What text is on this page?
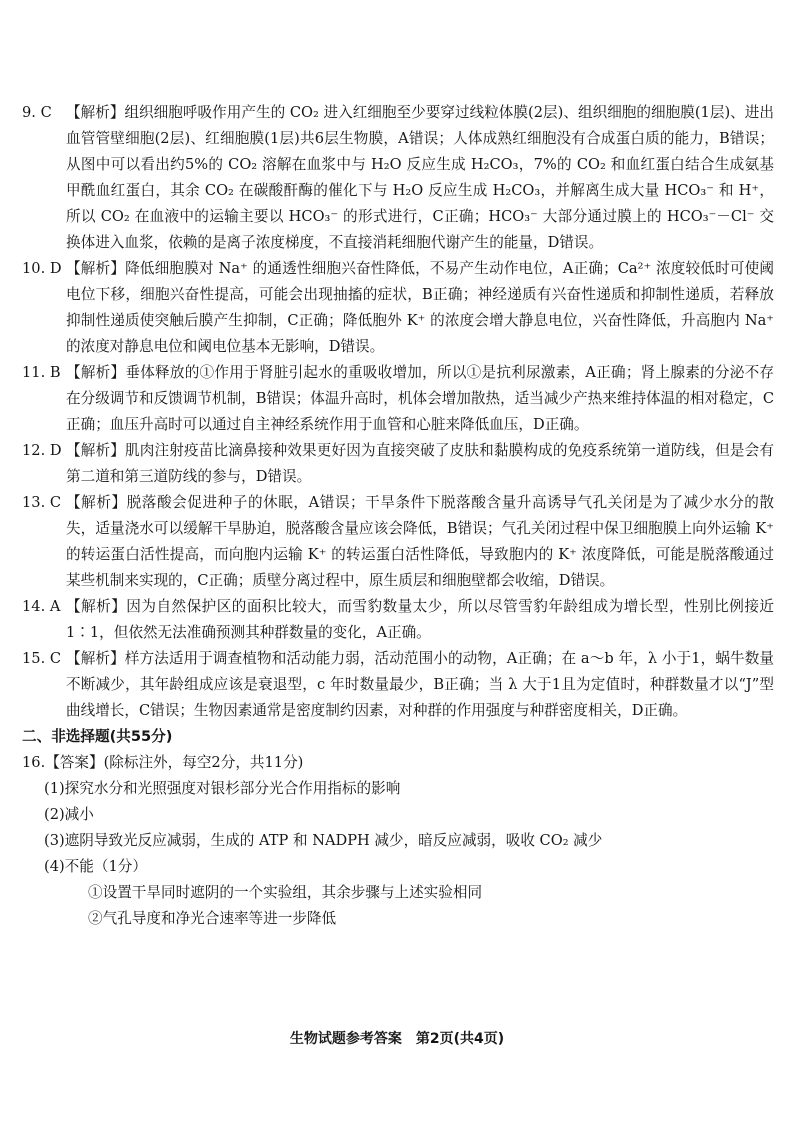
9. C 【解析】组织细胞呼吸作用产生的 CO₂ 进入红细胞至少要穿过线粒体膜(2层)、组织细胞的细胞膜(1层)、进出血管管壁细胞(2层)、红细胞膜(1层)共6层生物膜，A错误；人体成熟红细胞没有合成蛋白质的能力，B错误；从图中可以看出约5%的 CO₂ 溶解在血浆中与 H₂O 反应生成 H₂CO₃，7%的 CO₂ 和血红蛋白结合生成氨基甲酰血红蛋白，其余 CO₂ 在碳酸酐酶的催化下与 H₂O 反应生成 H₂CO₃，并解离生成大量 HCO₃⁻ 和 H⁺，所以 CO₂ 在血液中的运输主要以 HCO₃⁻ 的形式进行，C正确；HCO₃⁻ 大部分通过膜上的 HCO₃⁻－Cl⁻ 交换体进入血浆，依赖的是离子浓度梯度，不直接消耗细胞代谢产生的能量，D错误。
10. D 【解析】降低细胞膜对 Na⁺ 的通透性细胞兴奋性降低，不易产生动作电位，A正确；Ca²⁺ 浓度较低时可使阈电位下移，细胞兴奋性提高，可能会出现抽搐的症状，B正确；神经递质有兴奋性递质和抑制性递质，若释放抑制性递质使突触后膜产生抑制，C正确；降低胞外 K⁺ 的浓度会增大静息电位，兴奋性降低，升高胞内 Na⁺ 的浓度对静息电位和阈电位基本无影响，D错误。
11. B 【解析】垂体释放的①作用于肾脏引起水的重吸收增加，所以①是抗利尿激素，A正确；肾上腺素的分泌不存在分级调节和反馈调节机制，B错误；体温升高时，机体会增加散热，适当减少产热来维持体温的相对稳定，C正确；血压升高时可以通过自主神经系统作用于血管和心脏来降低血压，D正确。
12. D 【解析】肌肉注射疫苗比滴鼻接种效果更好因为直接突破了皮肤和黏膜构成的免疫系统第一道防线，但是会有第二道和第三道防线的参与，D错误。
13. C 【解析】脱落酸会促进种子的休眠，A错误；干旱条件下脱落酸含量升高诱导气孔关闭是为了减少水分的散失，适量浇水可以缓解干旱胁迫，脱落酸含量应该会降低，B错误；气孔关闭过程中保卫细胞膜上向外运输 K⁺ 的转运蛋白活性提高，而向胞内运输 K⁺ 的转运蛋白活性降低，导致胞内的 K⁺ 浓度降低，可能是脱落酸通过某些机制来实现的，C正确；质壁分离过程中，原生质层和细胞壁都会收缩，D错误。
14. A 【解析】因为自然保护区的面积比较大，而雪豹数量太少，所以尽管雪豹年龄组成为增长型，性别比例接近1∶1，但依然无法准确预测其种群数量的变化，A正确。
15. C 【解析】样方法适用于调查植物和活动能力弱，活动范围小的动物，A正确；在 a～b 年，λ 小于1，蜗牛数量不断减少，其年龄组成应该是衰退型，c 年时数量最少，B正确；当 λ 大于1且为定值时，种群数量才以“J”型曲线增长，C错误；生物因素通常是密度制约因素，对种群的作用强度与种群密度相关，D正确。
二、非选择题(共55分)
16.【答案】(除标注外，每空2分，共11分)
(1)探究水分和光照强度对银杉部分光合作用指标的影响
(2)减小
(3)遮阴导致光反应减弱，生成的 ATP 和 NADPH 减少，暗反应减弱，吸收 CO₂ 减少
(4)不能（1分）
①设置干旱同时遮阴的一个实验组，其余步骤与上述实验相同
②气孔导度和净光合速率等进一步降低
生物试题参考答案　第2页(共4页)
